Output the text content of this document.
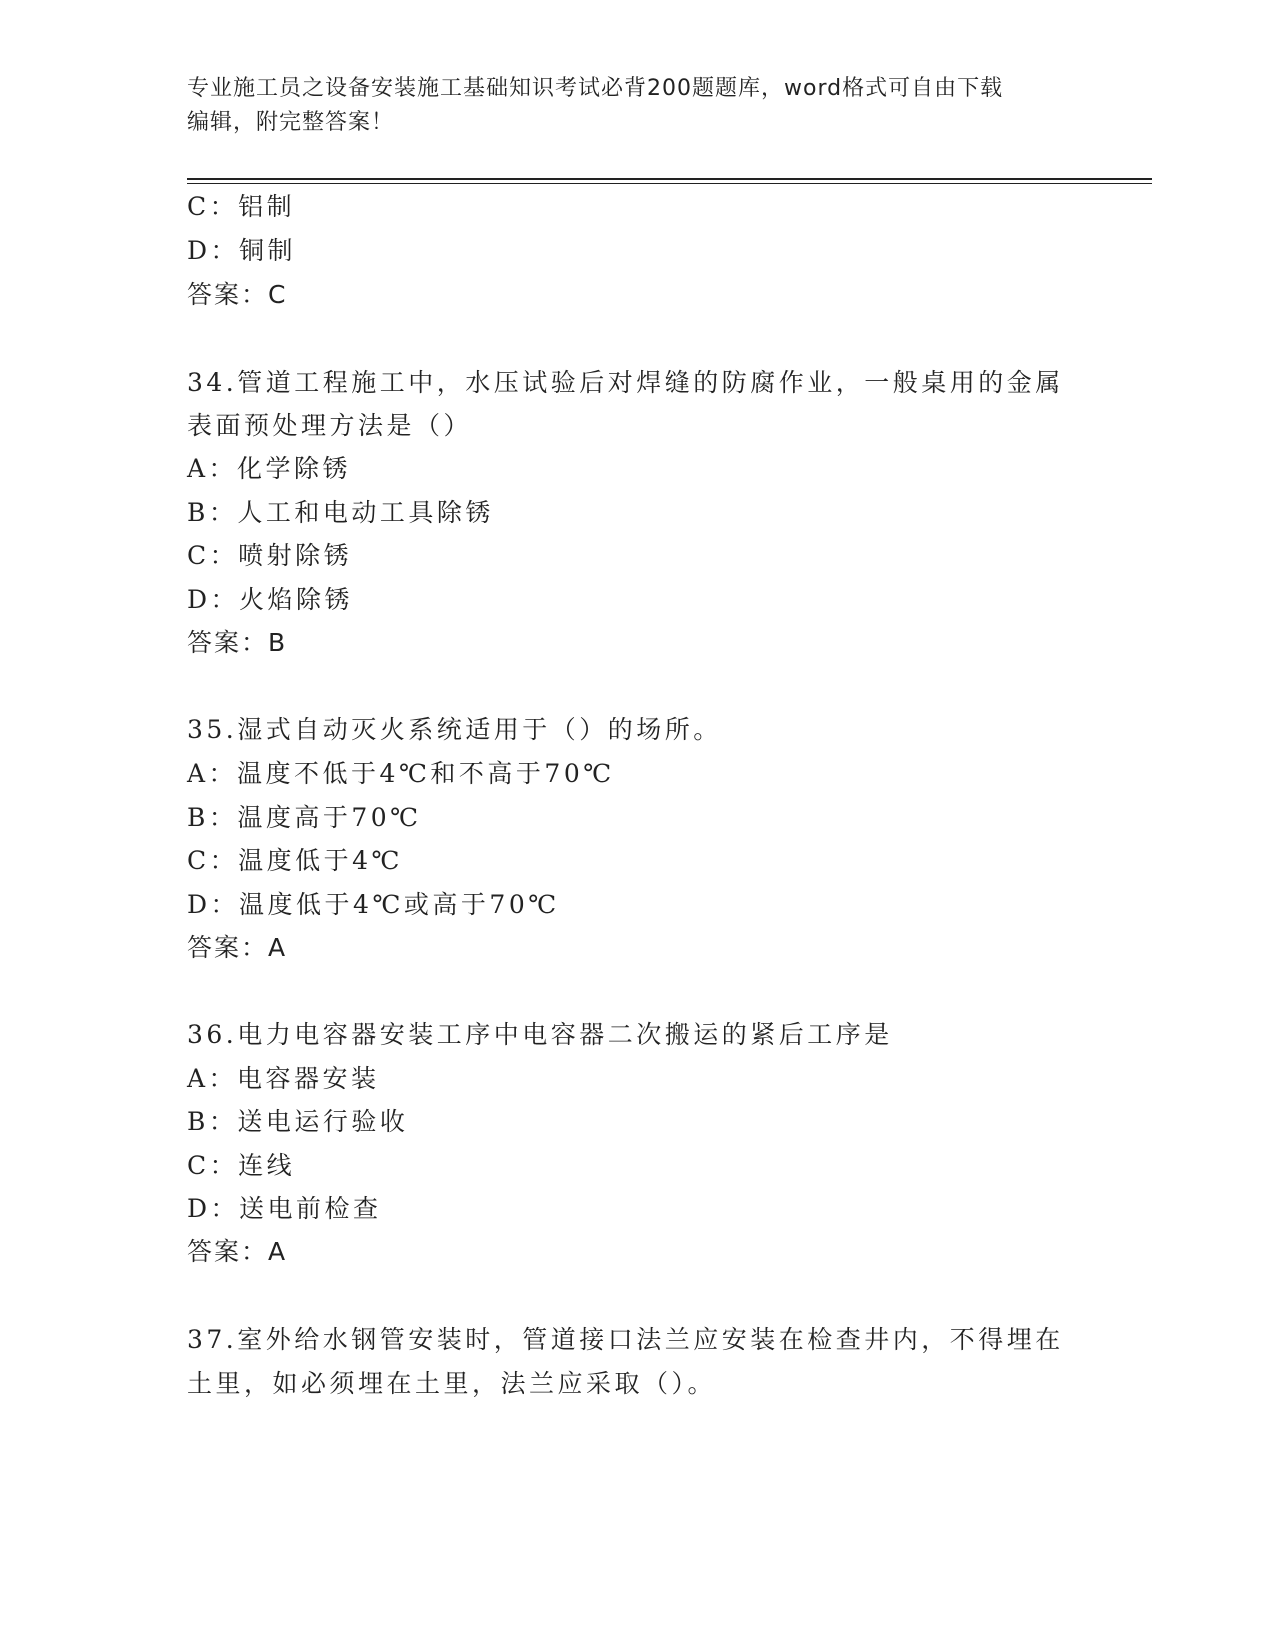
专业施工员之设备安装施工基础知识考试必背200题题库，word格式可自由下载
编辑，附完整答案！
C：铝制
D：铜制
答案：C
34.管道工程施工中，水压试验后对焊缝的防腐作业，一般桌用的金属
表面预处理方法是（）
A：化学除锈
B：人工和电动工具除锈
C：喷射除锈
D：火焰除锈
答案：B
35.湿式自动灭火系统适用于（）的场所。
A：温度不低于4℃和不高于70℃
B：温度高于70℃
C：温度低于4℃
D：温度低于4℃或高于70℃
答案：A
36.电力电容器安装工序中电容器二次搬运的紧后工序是
A：电容器安装
B：送电运行验收
C：连线
D：送电前检查
答案：A
37.室外给水钢管安装时，管道接口法兰应安装在检查井内，不得埋在
土里，如必须埋在土里，法兰应采取（）。
